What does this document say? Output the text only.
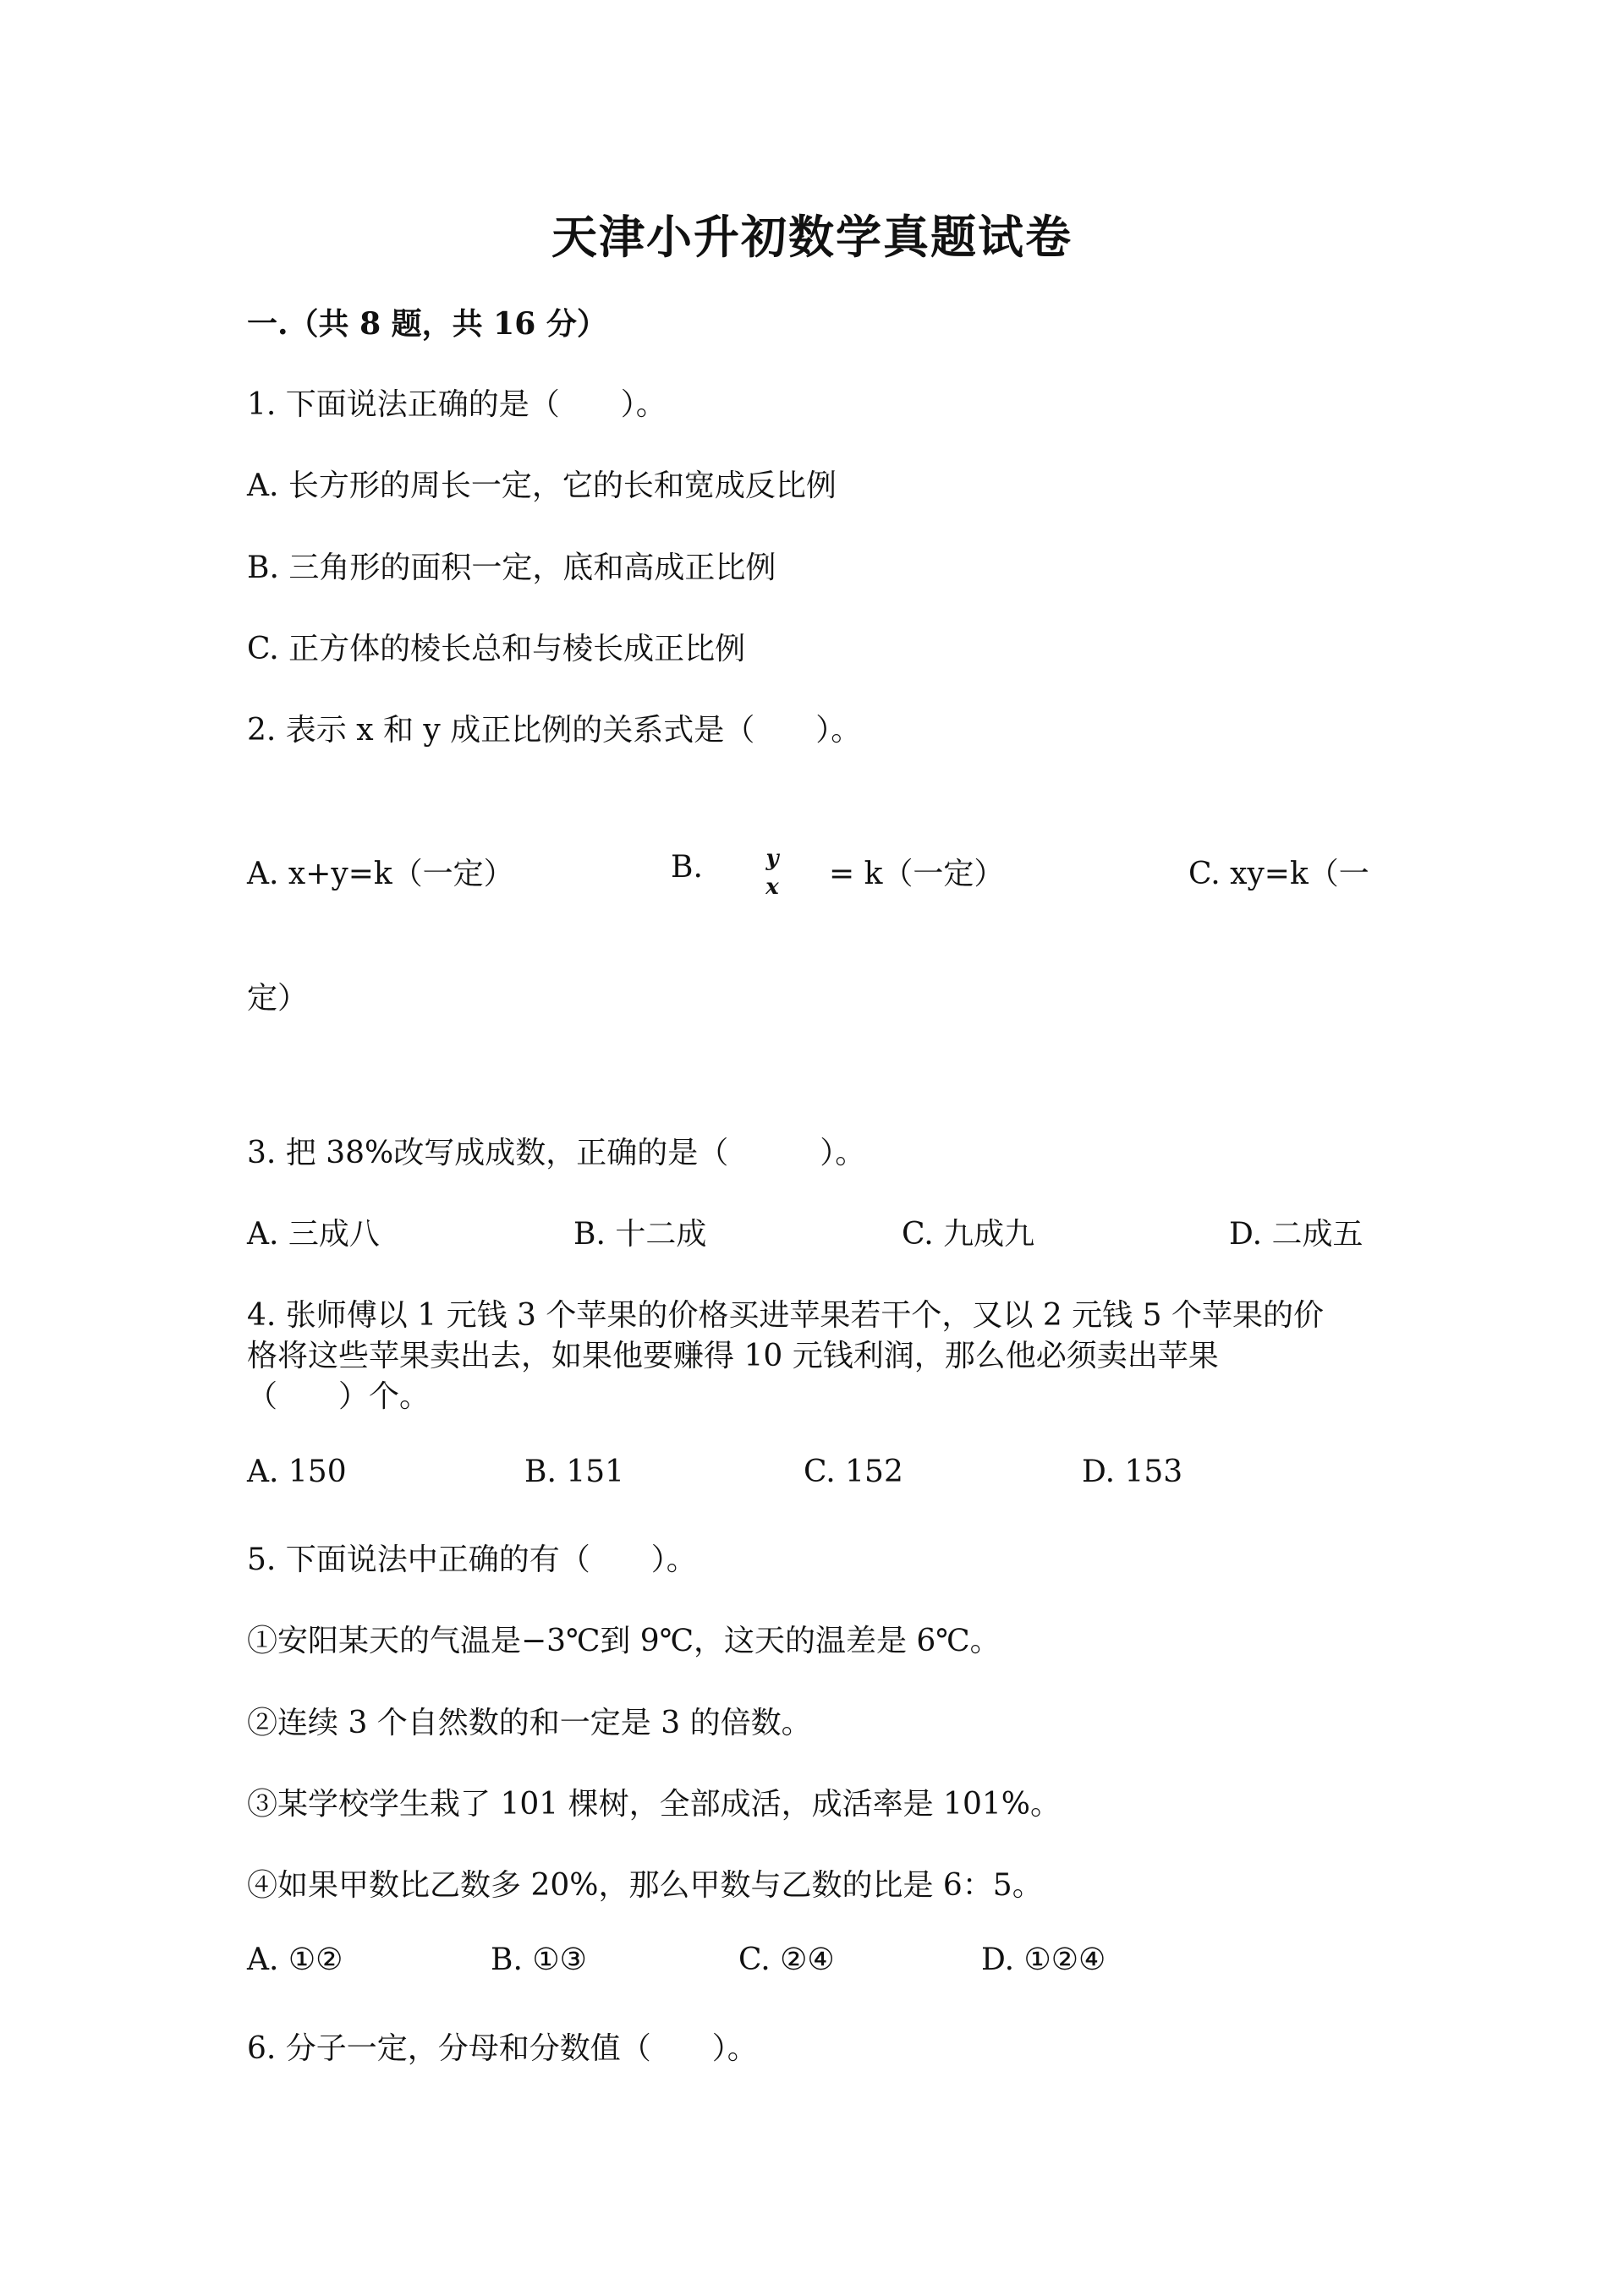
天津小升初数学真题试卷
一.（共 8 题，共 16 分）
1. 下面说法正确的是（　　）。
A. 长方形的周长一定，它的长和宽成反比例
B. 三角形的面积一定，底和高成正比例
C. 正方体的棱长总和与棱长成正比例
2. 表示 x 和 y 成正比例的关系式是（　　）。
A. x+y=k（一定）	B.	y
x = k（一定）	C. xy=k（一
定）
3. 把 38%改写成成数，正确的是（　　　）。
A. 三成八	B. 十二成	C. 九成九	D. 二成五
4. 张师傅以 1 元钱 3 个苹果的价格买进苹果若干个，又以 2 元钱 5 个苹果的价
格将这些苹果卖出去，如果他要赚得 10 元钱利润，那么他必须卖出苹果
（　　）个。
A. 150	B. 151	C. 152	D. 153
5. 下面说法中正确的有（　　）。
①安阳某天的气温是−3℃到 9℃，这天的温差是 6℃。
②连续 3 个自然数的和一定是 3 的倍数。
③某学校学生栽了 101 棵树，全部成活，成活率是 101%。
④如果甲数比乙数多 20%，那么甲数与乙数的比是 6：5。
A. ①②	B. ①③	C. ②④	D. ①②④
6. 分子一定，分母和分数值（　　）。
